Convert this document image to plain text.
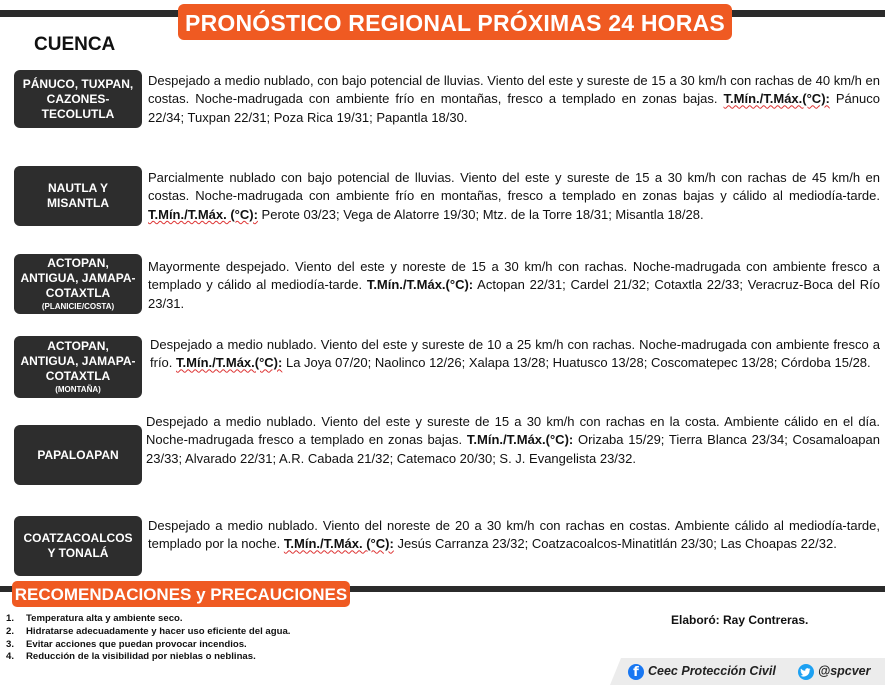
PRONÓSTICO REGIONAL PRÓXIMAS 24 HORAS
CUENCA
PÁNUCO, TUXPAN,
CAZONES-
TECOLUTLA
Despejado a medio nublado, con bajo potencial de lluvias. Viento del este y sureste de 15 a 30 km/h con rachas de 40 km/h en costas. Noche-madrugada con ambiente frío en montañas, fresco a templado en zonas bajas. T.Mín./T.Máx.(°C): Pánuco 22/34; Tuxpan 22/31; Poza Rica 19/31; Papantla 18/30.
NAUTLA Y
MISANTLA
Parcialmente nublado con bajo potencial de lluvias. Viento del este y sureste de 15 a 30 km/h con rachas de 45 km/h en costas. Noche-madrugada con ambiente frío en montañas, fresco a templado en zonas bajas y cálido al mediodía-tarde. T.Mín./T.Máx. (°C): Perote 03/23; Vega de Alatorre 19/30; Mtz. de la Torre 18/31; Misantla 18/28.
ACTOPAN,
ANTIGUA, JAMAPA-
COTAXTLA
(PLANICIE/COSTA)
Mayormente despejado. Viento del este y noreste de 15 a 30 km/h con rachas. Noche-madrugada con ambiente fresco a templado y cálido al mediodía-tarde. T.Mín./T.Máx.(°C): Actopan 22/31; Cardel 21/32; Cotaxtla 22/33; Veracruz-Boca del Río 23/31.
ACTOPAN,
ANTIGUA, JAMAPA-
COTAXTLA
(MONTAÑA)
Despejado a medio nublado. Viento del este y sureste de 10 a 25 km/h con rachas. Noche-madrugada con ambiente fresco a frío. T.Mín./T.Máx.(°C): La Joya 07/20; Naolinco 12/26; Xalapa 13/28; Huatusco 13/28; Coscomatepec 13/28; Córdoba 15/28.
PAPALOAPAN
Despejado a medio nublado. Viento del este y sureste de 15 a 30 km/h con rachas en la costa. Ambiente cálido en el día. Noche-madrugada fresco a templado en zonas bajas. T.Mín./T.Máx.(°C): Orizaba 15/29; Tierra Blanca 23/34; Cosamaloapan 23/33; Alvarado 22/31; A.R. Cabada 21/32; Catemaco 20/30; S. J. Evangelista 23/32.
COATZACOALCOS
Y TONALÁ
Despejado a medio nublado. Viento del noreste de 20 a 30 km/h con rachas en costas. Ambiente cálido al mediodía-tarde, templado por la noche. T.Mín./T.Máx. (°C): Jesús Carranza 23/32; Coatzacoalcos-Minatitlán 23/30; Las Choapas 22/32.
RECOMENDACIONES y PRECAUCIONES
1. Temperatura alta y ambiente seco.
2. Hidratarse adecuadamente y hacer uso eficiente del agua.
3. Evitar acciones que puedan provocar incendios.
4. Reducción de la visibilidad por nieblas o neblinas.
Elaboró: Ray Contreras.
f Ceec Protección Civil	@spcver
